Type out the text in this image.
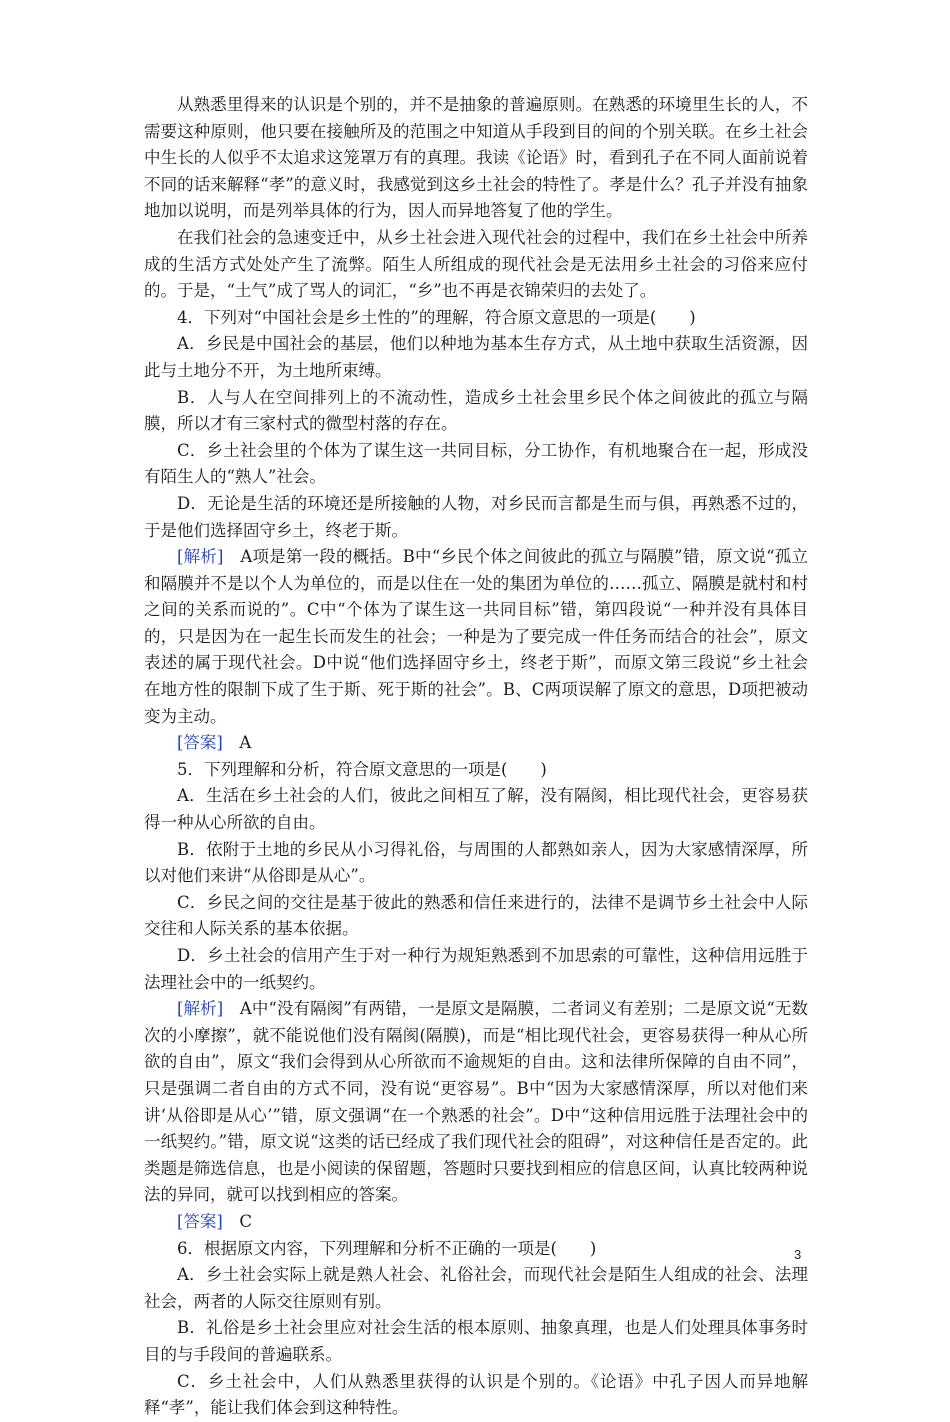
从熟悉里得来的认识是个别的，并不是抽象的普遍原则。在熟悉的环境里生长的人，不需要这种原则，他只要在接触所及的范围之中知道从手段到目的间的个别关联。在乡土社会中生长的人似乎不太追求这笼罩万有的真理。我读《论语》时，看到孔子在不同人面前说着不同的话来解释“孝”的意义时，我感觉到这乡土社会的特性了。孝是什么？孔子并没有抽象地加以说明，而是列举具体的行为，因人而异地答复了他的学生。

在我们社会的急速变迁中，从乡土社会进入现代社会的过程中，我们在乡土社会中所养成的生活方式处处产生了流弊。陌生人所组成的现代社会是无法用乡土社会的习俗来应付的。于是，“土气”成了骂人的词汇，“乡”也不再是衣锦荣归的去处了。

4．下列对“中国社会是乡土性的”的理解，符合原文意思的一项是(　　)

A．乡民是中国社会的基层，他们以种地为基本生存方式，从土地中获取生活资源，因此与土地分不开，为土地所束缚。

B．人与人在空间排列上的不流动性，造成乡土社会里乡民个体之间彼此的孤立与隔膜，所以才有三家村式的微型村落的存在。

C．乡土社会里的个体为了谋生这一共同目标，分工协作，有机地聚合在一起，形成没有陌生人的“熟人”社会。

D．无论是生活的环境还是所接触的人物，对乡民而言都是生而与俱，再熟悉不过的，于是他们选择固守乡土，终老于斯。

[解析]　 A项是第一段的概括。B中“乡民个体之间彼此的孤立与隔膜”错，原文说“孤立和隔膜并不是以个人为单位的，而是以住在一处的集团为单位的……孤立、隔膜是就村和村之间的关系而说的”。C中“个体为了谋生这一共同目标”错，第四段说“一种并没有具体目的，只是因为在一起生长而发生的社会；一种是为了要完成一件任务而结合的社会”，原文表述的属于现代社会。D中说“他们选择固守乡土，终老于斯”，而原文第三段说“乡土社会在地方性的限制下成了生于斯、死于斯的社会”。B、C两项误解了原文的意思，D项把被动变为主动。

[答案]　 A

5．下列理解和分析，符合原文意思的一项是(　　)

A．生活在乡土社会的人们，彼此之间相互了解，没有隔阂，相比现代社会，更容易获得一种从心所欲的自由。

B．依附于土地的乡民从小习得礼俗，与周围的人都熟如亲人，因为大家感情深厚，所以对他们来讲“从俗即是从心”。

C．乡民之间的交往是基于彼此的熟悉和信任来进行的，法律不是调节乡土社会中人际交往和人际关系的基本依据。

D．乡土社会的信用产生于对一种行为规矩熟悉到不加思索的可靠性，这种信用远胜于法理社会中的一纸契约。

[解析]　 A中“没有隔阂”有两错，一是原文是隔膜，二者词义有差别；二是原文说“无数次的小摩擦”，就不能说他们没有隔阂(隔膜)，而是“相比现代社会，更容易获得一种从心所欲的自由”，原文“我们会得到从心所欲而不逾规矩的自由。这和法律所保障的自由不同”，只是强调二者自由的方式不同，没有说“更容易”。B中“因为大家感情深厚，所以对他们来讲‘从俗即是从心’”错，原文强调“在一个熟悉的社会”。D中“这种信用远胜于法理社会中的一纸契约。”错，原文说“这类的话已经成了我们现代社会的阻碍”，对这种信任是否定的。此类题是筛选信息，也是小阅读的保留题，答题时只要找到相应的信息区间，认真比较两种说法的异同，就可以找到相应的答案。

[答案]　 C

6．根据原文内容，下列理解和分析不正确的一项是(　　)

A．乡土社会实际上就是熟人社会、礼俗社会，而现代社会是陌生人组成的社会、法理社会，两者的人际交往原则有别。

B．礼俗是乡土社会里应对社会生活的根本原则、抽象真理，也是人们处理具体事务时目的与手段间的普遍联系。

C．乡土社会中，人们从熟悉里获得的认识是个别的。《论语》中孔子因人而异地解释“孝”，能让我们体会到这种特性。

3
